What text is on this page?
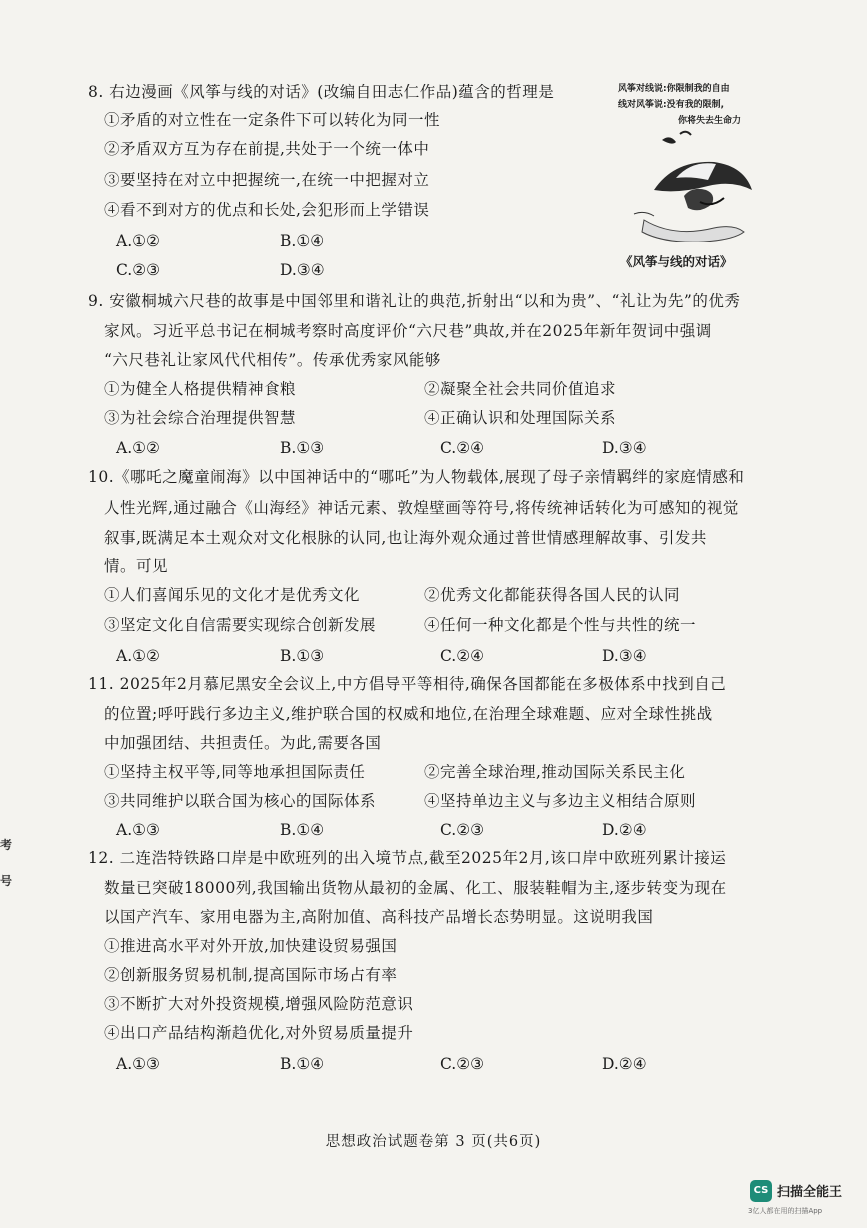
8. 右边漫画《风筝与线的对话》(改编自田志仁作品)蕴含的哲理是
①矛盾的对立性在一定条件下可以转化为同一性
②矛盾双方互为存在前提,共处于一个统一体中
③要坚持在对立中把握统一,在统一中把握对立
④看不到对方的优点和长处,会犯形而上学错误
A.①②	B.①④
C.②③	D.③④
风筝对线说:你限制我的自由
线对风筝说:没有我的限制,
你将失去生命力
《风筝与线的对话》
9. 安徽桐城六尺巷的故事是中国邻里和谐礼让的典范,折射出“以和为贵”、“礼让为先”的优秀
家风。习近平总书记在桐城考察时高度评价“六尺巷”典故,并在2025年新年贺词中强调
“六尺巷礼让家风代代相传”。传承优秀家风能够
①为健全人格提供精神食粮	②凝聚全社会共同价值追求
③为社会综合治理提供智慧	④正确认识和处理国际关系
A.①②	B.①③	C.②④	D.③④
10.《哪吒之魔童闹海》以中国神话中的“哪吒”为人物载体,展现了母子亲情羁绊的家庭情感和
人性光辉,通过融合《山海经》神话元素、敦煌壁画等符号,将传统神话转化为可感知的视觉
叙事,既满足本土观众对文化根脉的认同,也让海外观众通过普世情感理解故事、引发共
情。可见
①人们喜闻乐见的文化才是优秀文化	②优秀文化都能获得各国人民的认同
③坚定文化自信需要实现综合创新发展	④任何一种文化都是个性与共性的统一
A.①②	B.①③	C.②④	D.③④
11. 2025年2月慕尼黑安全会议上,中方倡导平等相待,确保各国都能在多极体系中找到自己
的位置;呼吁践行多边主义,维护联合国的权威和地位,在治理全球难题、应对全球性挑战
中加强团结、共担责任。为此,需要各国
①坚持主权平等,同等地承担国际责任	②完善全球治理,推动国际关系民主化
③共同维护以联合国为核心的国际体系	④坚持单边主义与多边主义相结合原则
A.①③	B.①④	C.②③	D.②④
12. 二连浩特铁路口岸是中欧班列的出入境节点,截至2025年2月,该口岸中欧班列累计接运
数量已突破18000列,我国输出货物从最初的金属、化工、服装鞋帽为主,逐步转变为现在
以国产汽车、家用电器为主,高附加值、高科技产品增长态势明显。这说明我国
①推进高水平对外开放,加快建设贸易强国
②创新服务贸易机制,提高国际市场占有率
③不断扩大对外投资规模,增强风险防范意识
④出口产品结构渐趋优化,对外贸易质量提升
A.①③	B.①④	C.②③	D.②④
思想政治试题卷第 3 页(共6页)
考
号
CS 扫描全能王
3亿人都在用的扫描App
